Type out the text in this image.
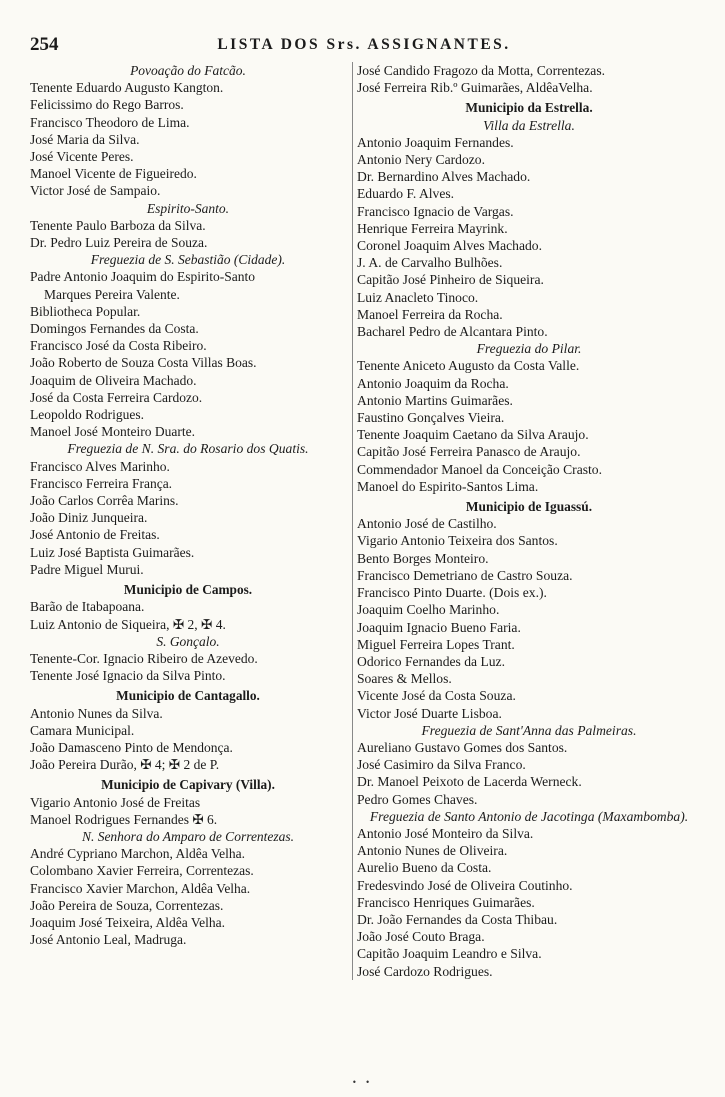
254	LISTA DOS Srs. ASSIGNANTES.
Povoação do Fatcão.
Tenente Eduardo Augusto Kangton.
Felicissimo do Rego Barros.
Francisco Theodoro de Lima.
José Maria da Silva.
José Vicente Peres.
Manoel Vicente de Figueiredo.
Victor José de Sampaio.
Espirito-Santo.
Tenente Paulo Barboza da Silva.
Dr. Pedro Luiz Pereira de Souza.
Freguezia de S. Sebastião (Cidade).
Padre Antonio Joaquim do Espirito-Santo
Marques Pereira Valente.
Bibliotheca Popular.
Domingos Fernandes da Costa.
Francisco José da Costa Ribeiro.
João Roberto de Souza Costa Villas Boas.
Joaquim de Oliveira Machado.
José da Costa Ferreira Cardozo.
Leopoldo Rodrigues.
Manoel José Monteiro Duarte.
Freguezia de N. Sra. do Rosario dos Quatis.
Francisco Alves Marinho.
Francisco Ferreira França.
João Carlos Corrêa Marins.
João Diniz Junqueira.
José Antonio de Freitas.
Luiz José Baptista Guimarães.
Padre Miguel Murui.
Municipio de Campos.
Barão de Itabapoana.
Luiz Antonio de Siqueira, ✠ 2, ✠ 4.
S. Gonçalo.
Tenente-Cor. Ignacio Ribeiro de Azevedo.
Tenente José Ignacio da Silva Pinto.
Municipio de Cantagallo.
Antonio Nunes da Silva.
Camara Municipal.
João Damasceno Pinto de Mendonça.
João Pereira Durão, ✠ 4; ✠ 2 de P.
Municipio de Capivary (Villa).
Vigario Antonio José de Freitas
Manoel Rodrigues Fernandes ✠ 6.
N. Senhora do Amparo de Correntezas.
André Cypriano Marchon, Aldêa Velha.
Colombano Xavier Ferreira, Correntezas.
Francisco Xavier Marchon, Aldêa Velha.
João Pereira de Souza, Correntezas.
Joaquim José Teixeira, Aldêa Velha.
José Antonio Leal, Madruga.
José Candido Fragozo da Motta, Correntezas.
José Ferreira Rib.º Guimarães, AldêaVelha.
Municipio da Estrella.
Villa da Estrella.
Antonio Joaquim Fernandes.
Antonio Nery Cardozo.
Dr. Bernardino Alves Machado.
Eduardo F. Alves.
Francisco Ignacio de Vargas.
Henrique Ferreira Mayrink.
Coronel Joaquim Alves Machado.
J. A. de Carvalho Bulhões.
Capitão José Pinheiro de Siqueira.
Luiz Anacleto Tinoco.
Manoel Ferreira da Rocha.
Bacharel Pedro de Alcantara Pinto.
Freguezia do Pilar.
Tenente Aniceto Augusto da Costa Valle.
Antonio Joaquim da Rocha.
Antonio Martins Guimarães.
Faustino Gonçalves Vieira.
Tenente Joaquim Caetano da Silva Araujo.
Capitão José Ferreira Panasco de Araujo.
Commendador Manoel da Conceição Crasto.
Manoel do Espirito-Santos Lima.
Municipio de Iguassú.
Antonio José de Castilho.
Vigario Antonio Teixeira dos Santos.
Bento Borges Monteiro.
Francisco Demetriano de Castro Souza.
Francisco Pinto Duarte. (Dois ex.).
Joaquim Coelho Marinho.
Joaquim Ignacio Bueno Faria.
Miguel Ferreira Lopes Trant.
Odorico Fernandes da Luz.
Soares & Mellos.
Vicente José da Costa Souza.
Victor José Duarte Lisboa.
Freguezia de Sant'Anna das Palmeiras.
Aureliano Gustavo Gomes dos Santos.
José Casimiro da Silva Franco.
Dr. Manoel Peixoto de Lacerda Werneck.
Pedro Gomes Chaves.
Freguezia de Santo Antonio de Jacotinga (Maxambomba).
Antonio José Monteiro da Silva.
Antonio Nunes de Oliveira.
Aurelio Bueno da Costa.
Fredesvindo José de Oliveira Coutinho.
Francisco Henriques Guimarães.
Dr. João Fernandes da Costa Thibau.
João José Couto Braga.
Capitão Joaquim Leandro e Silva.
José Cardozo Rodrigues.
• •
